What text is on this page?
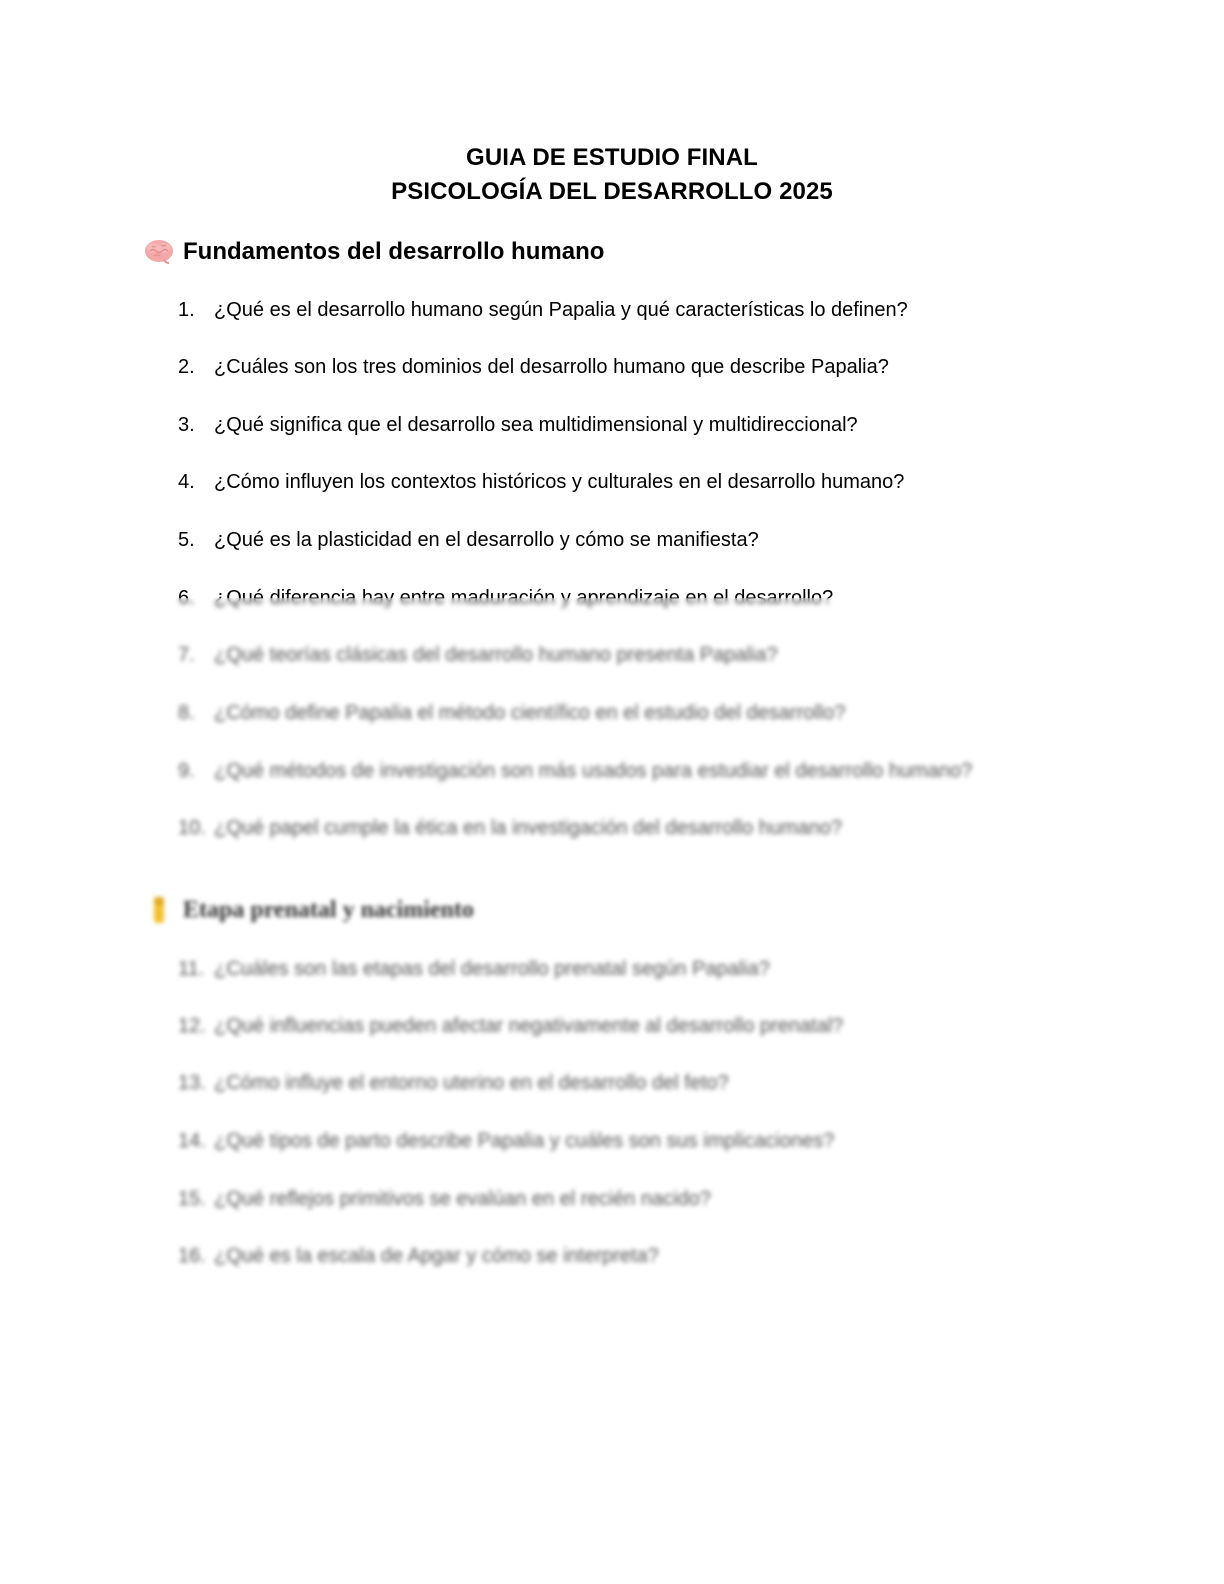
GUIA DE ESTUDIO FINAL
PSICOLOGÍA DEL DESARROLLO 2025
Fundamentos del desarrollo humano
1. ¿Qué es el desarrollo humano según Papalia y qué características lo definen?
2. ¿Cuáles son los tres dominios del desarrollo humano que describe Papalia?
3. ¿Qué significa que el desarrollo sea multidimensional y multidireccional?
4. ¿Cómo influyen los contextos históricos y culturales en el desarrollo humano?
5. ¿Qué es la plasticidad en el desarrollo y cómo se manifiesta?
6. ¿Qué diferencia hay entre maduración y aprendizaje en el desarrollo?
7. ¿Qué teorías clásicas del desarrollo humano presenta Papalia?
8. ¿Cómo define Papalia el método científico en el estudio del desarrollo?
9. ¿Qué métodos de investigación son más usados para estudiar el desarrollo humano?
10. ¿Qué papel cumple la ética en la investigación del desarrollo humano?
Etapa prenatal y nacimiento
11. ¿Cuáles son las etapas del desarrollo prenatal según Papalia?
12. ¿Qué influencias pueden afectar negativamente al desarrollo prenatal?
13. ¿Cómo influye el entorno uterino en el desarrollo del feto?
14. ¿Qué tipos de parto describe Papalia y cuáles son sus implicaciones?
15. ¿Qué reflejos primitivos se evalúan en el recién nacido?
16. ¿Qué es la escala de Apgar y cómo se interpreta?
